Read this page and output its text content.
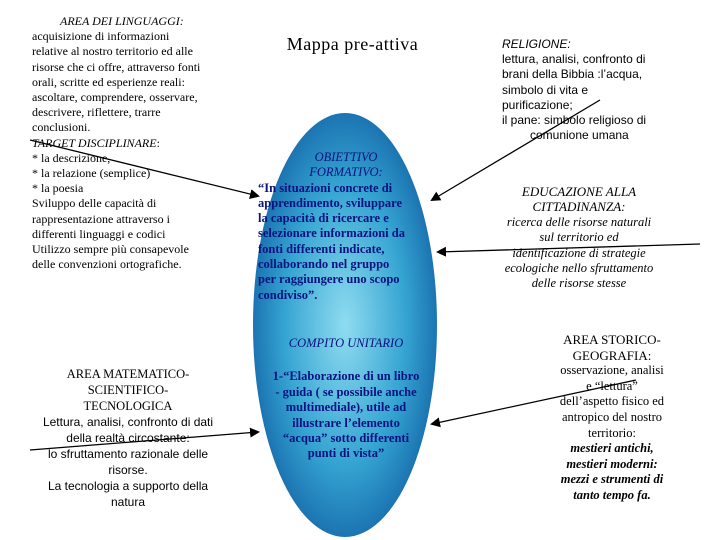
Mappa pre-attiva
AREA DEI LINGUAGGI:
acquisizione di informazioni
relative al nostro territorio ed alle
risorse che ci offre, attraverso fonti
orali, scritte ed esperienze reali:
ascoltare, comprendere, osservare,
descrivere, riflettere, trarre
conclusioni.
TARGET DISCIPLINARE:
* la descrizione,
* la relazione (semplice)
* la poesia
Sviluppo delle capacità di
rappresentazione attraverso i
differenti linguaggi e codici
Utilizzo sempre più consapevole
delle convenzioni ortografiche.
AREA MATEMATICO-
SCIENTIFICO-
TECNOLOGICA
Lettura, analisi, confronto di dati
della realtà circostante:
lo sfruttamento razionale delle
risorse.
La tecnologia a supporto della
natura
RELIGIONE:
lettura, analisi, confronto di
brani della Bibbia :l’acqua,
simbolo di vita e
purificazione;
il pane: simbolo religioso di
comunione umana
EDUCAZIONE ALLA
CITTADINANZA:
ricerca delle risorse naturali
sul territorio ed
identificazione di strategie
ecologiche nello sfruttamento
delle risorse stesse
AREA STORICO-
GEOGRAFIA:
osservazione, analisi
e “lettura”
dell’aspetto fisico ed
antropico del nostro
territorio:
mestieri antichi,
mestieri moderni:
mezzi e strumenti di
tanto tempo fa.
OBIETTIVO
FORMATIVO:
“In situazioni concrete di
apprendimento, sviluppare
la capacità di ricercare e
selezionare informazioni da
fonti differenti indicate,
collaborando nel gruppo
per raggiungere uno scopo
condiviso”.
COMPITO UNITARIO
1-“Elaborazione di un libro
- guida ( se possibile anche
multimediale), utile ad
illustrare l’elemento
“acqua” sotto differenti
punti di vista”
